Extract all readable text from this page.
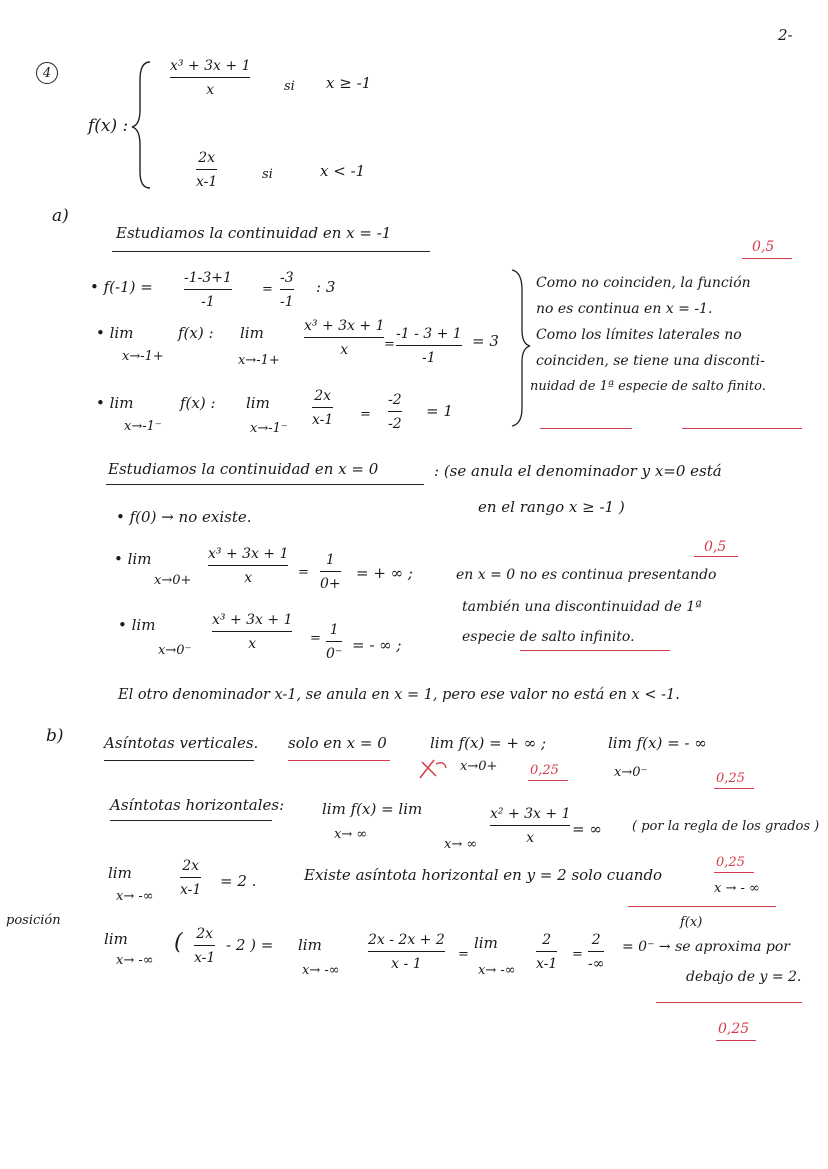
2-
4
f(x) :
x³ + 3x + 1
x	si x ≥ -1
2x
x-1	si	x < -1
a)
Estudiamos la continuidad en x = -1
0,5
• f(-1) = -1-3+1
-1
=
-3
-1
: 3
• lim
x→-1+
f(x) : lim
x→-1+
x³ + 3x + 1
x	=
-1 - 3 + 1
-1
= 3
• lim
x→-1⁻
f(x) : lim
x→-1⁻
2x
x-1 =
-2
-2
= 1
Como no coinciden, la función
no es continua en x = -1.
Como los límites laterales no
coinciden, se tiene una disconti-
nuidad de 1ª especie de salto finito.
Estudiamos la continuidad en x = 0	: (se anula el denominador y x=0 está
en el rango x ≥ -1 )
• f(0) → no existe.
• lim
x→0+
x³ + 3x + 1
x	=
1
0+
= + ∞ ;
• lim
x→0⁻
x³ + 3x + 1
x	=
1
0⁻
= - ∞ ;
0,5
en x = 0 no es continua presentando
también una discontinuidad de 1ª
especie de salto infinito.
El otro denominador x-1, se anula en x = 1, pero ese valor no está en x < -1.
b)	Asíntotas verticales. solo en x = 0	lim f(x) = + ∞ ;
x→0+
lim f(x) = - ∞
x→0⁻
0,25
0,25
Asíntotas horizontales:	lim f(x) = lim
x→ ∞
x→ ∞
x² + 3x + 1
x
= ∞ ( por la regla de los grados )
lim
x→ -∞
2x
x-1
= 2 .	Existe asíntota horizontal en y = 2 solo cuando
x → - ∞
0,25
posición
lim
x→ -∞
( 2x
x-1
- 2 ) = lim
x→ -∞
2x - 2x + 2
x - 1
=
lim
x→ -∞
2
x-1
=
2
-∞
f(x)
= 0⁻ → se aproxima por
debajo de y = 2.
0,25
